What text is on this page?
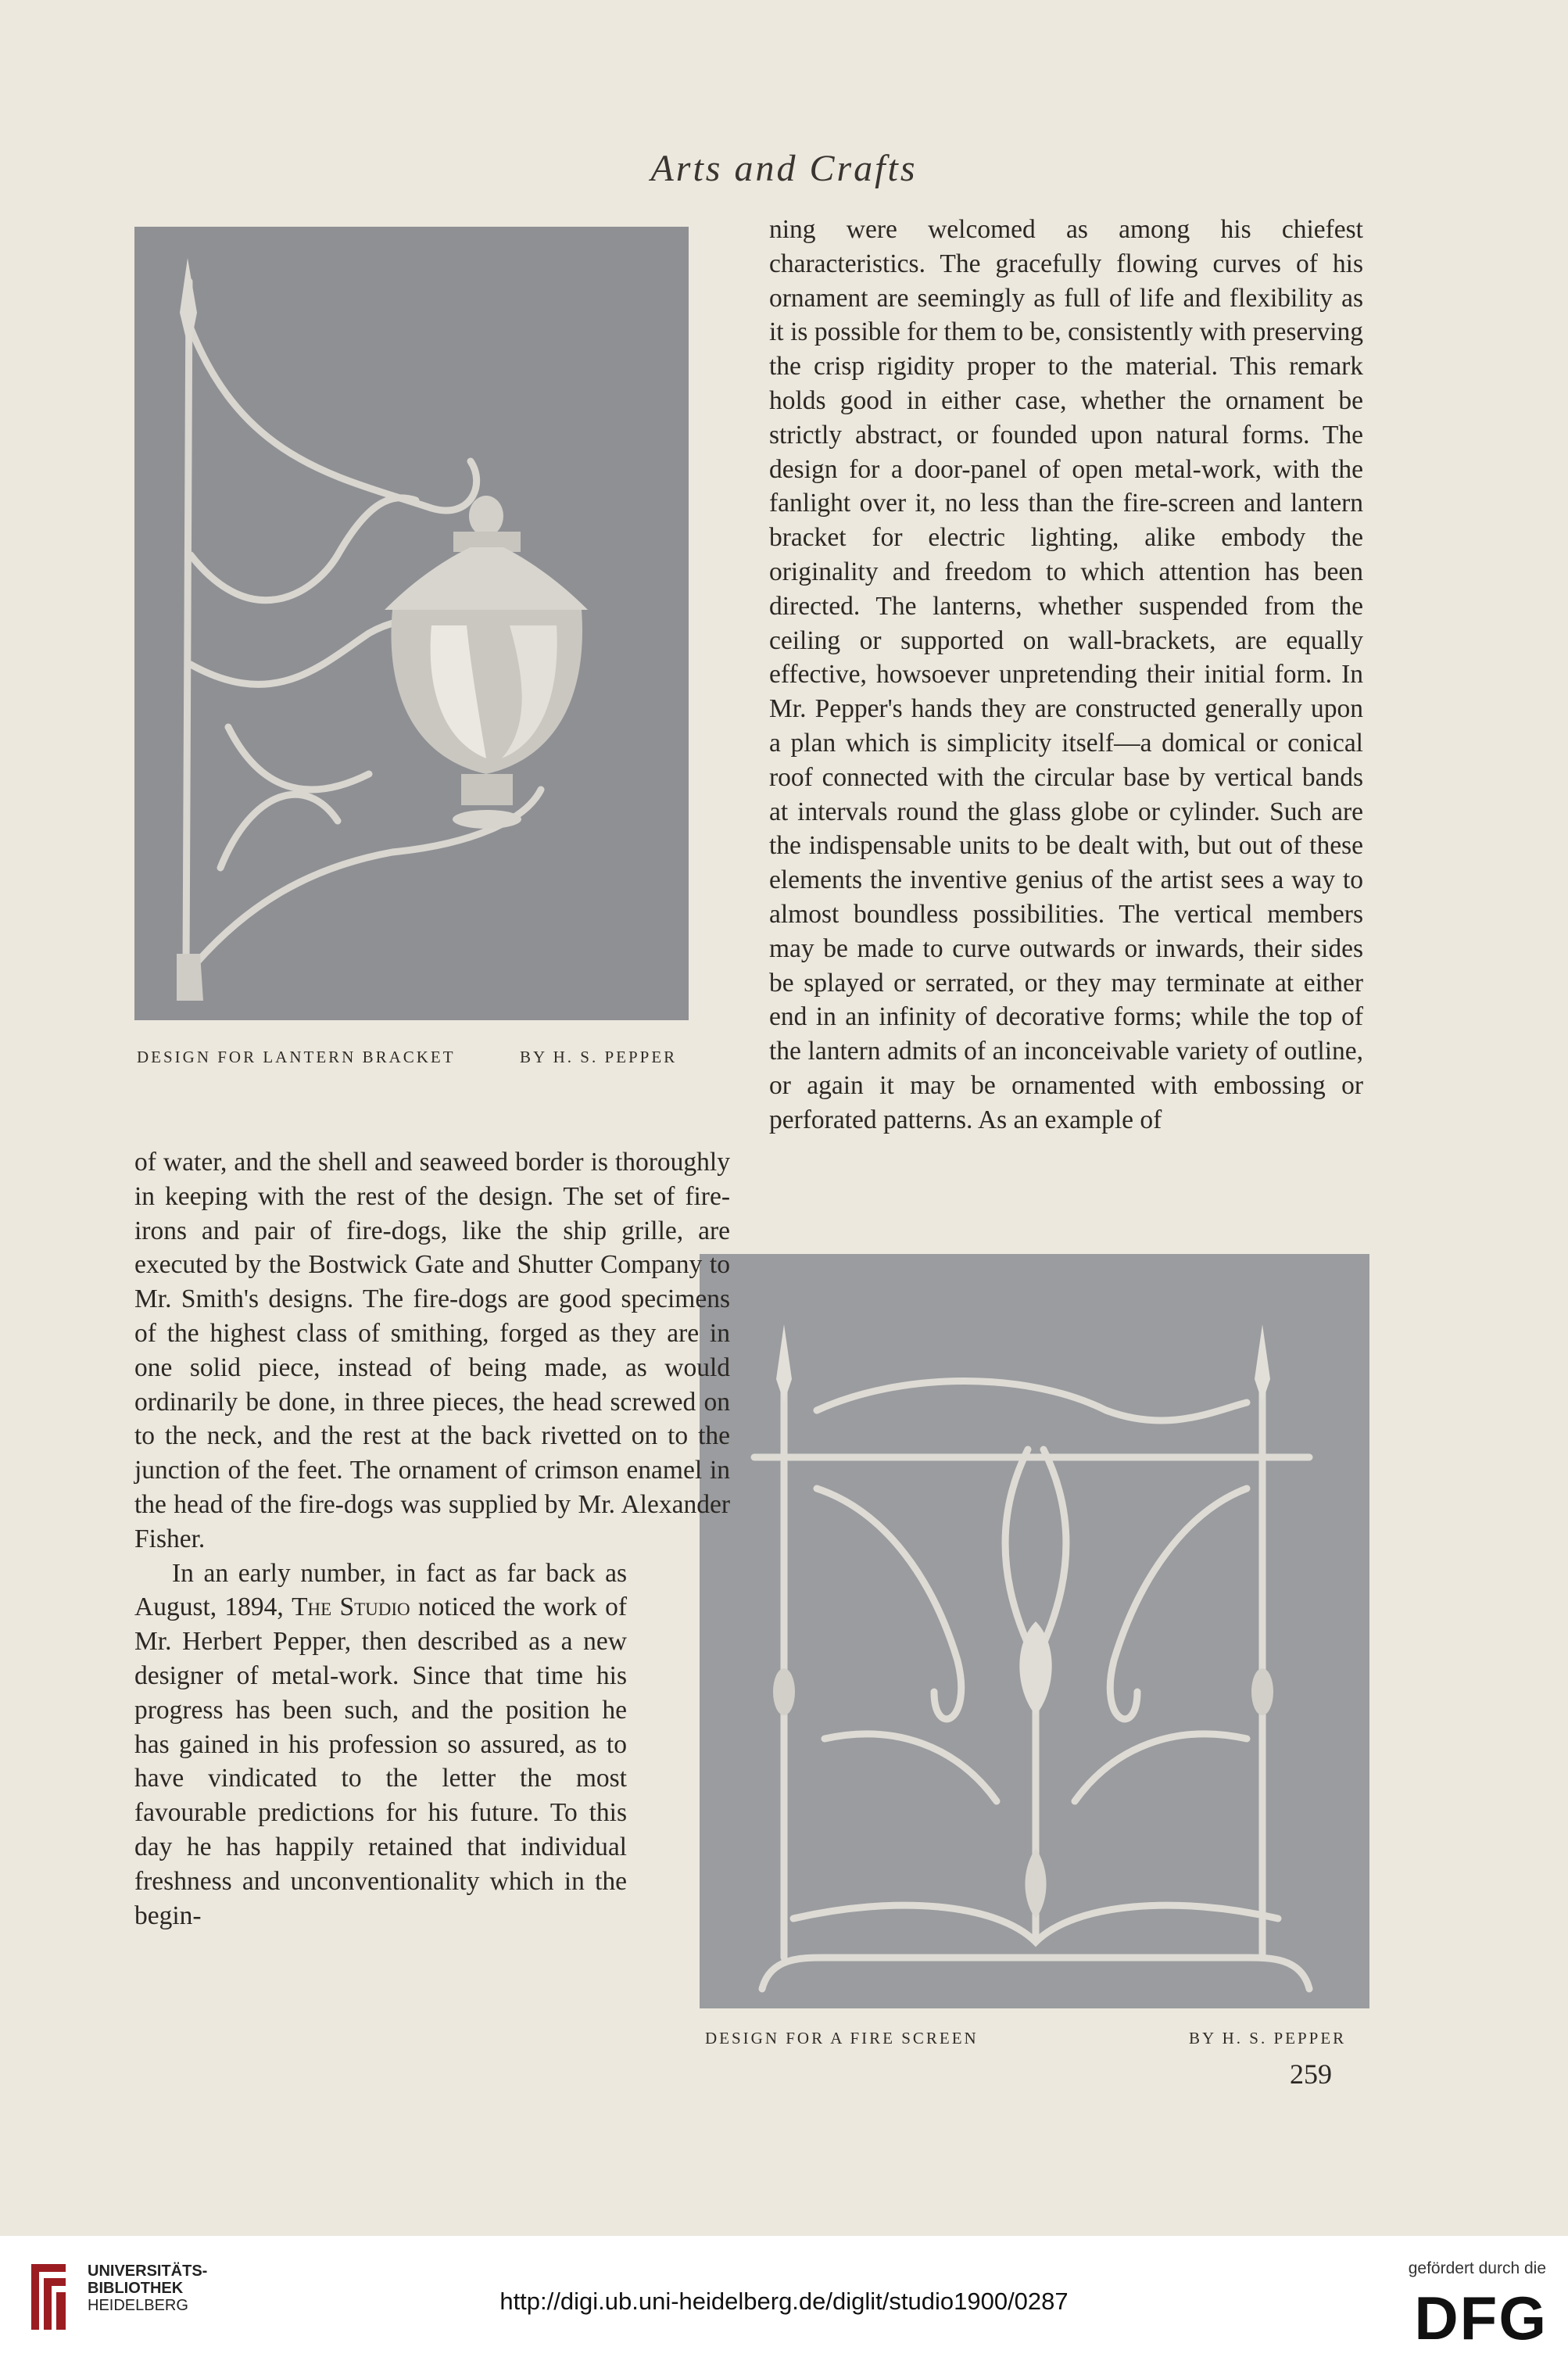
Arts and Crafts
DESIGN FOR LANTERN BRACKET	BY H. S. PEPPER
DESIGN FOR A FIRE SCREEN	BY H. S. PEPPER

ning were welcomed as among his chiefest characteristics. The gracefully flowing curves of his ornament are seemingly as full of life and flexibility as it is possible for them to be, consistently with preserving the crisp rigidity proper to the material. This remark holds good in either case, whether the ornament be strictly abstract, or founded upon natural forms. The design for a door-panel of open metal-work, with the fanlight over it, no less than the fire-screen and lantern bracket for electric lighting, alike embody the originality and freedom to which attention has been directed. The lanterns, whether suspended from the ceiling or supported on wall-brackets, are equally effective, howsoever unpretending their initial form. In Mr. Pepper's hands they are constructed generally upon a plan which is simplicity itself—a domical or conical roof connected with the circular base by vertical bands at intervals round the glass globe or cylinder. Such are the indispensable units to be dealt with, but out of these elements the inventive genius of the artist sees a way to almost boundless possibilities. The vertical members may be made to curve outwards or inwards, their sides be splayed or serrated, or they may terminate at either end in an infinity of decorative forms; while the top of the lantern admits of an inconceivable variety of outline, or again it may be ornamented with embossing or perforated patterns. As an example of

of water, and the shell and seaweed border is thoroughly in keeping with the rest of the design. The set of fire-irons and pair of fire-dogs, like the ship grille, are executed by the Bostwick Gate and Shutter Company to Mr. Smith's designs. The fire-dogs are good specimens of the highest class of smithing, forged as they are in one solid piece, instead of being made, as would ordinarily be done, in three pieces, the head screwed on to the neck, and the rest at the back rivetted on to the junction of the feet. The ornament of crimson enamel in the head of the fire-dogs was supplied by Mr. Alexander Fisher.

In an early number, in fact as far back as August, 1894, The Studio noticed the work of Mr. Herbert Pepper, then described as a new designer of metal-work. Since that time his progress has been such, and the position he has gained in his profession so assured, as to have vindicated to the letter the most favourable predictions for his future. To this day he has happily retained that individual freshness and unconventionality which in the begin-

259
UNIVERSITÄTS-
BIBLIOTHEK
HEIDELBERG	http://digi.ub.uni-heidelberg.de/diglit/studio1900/0287
gefördert durch die
DFG
